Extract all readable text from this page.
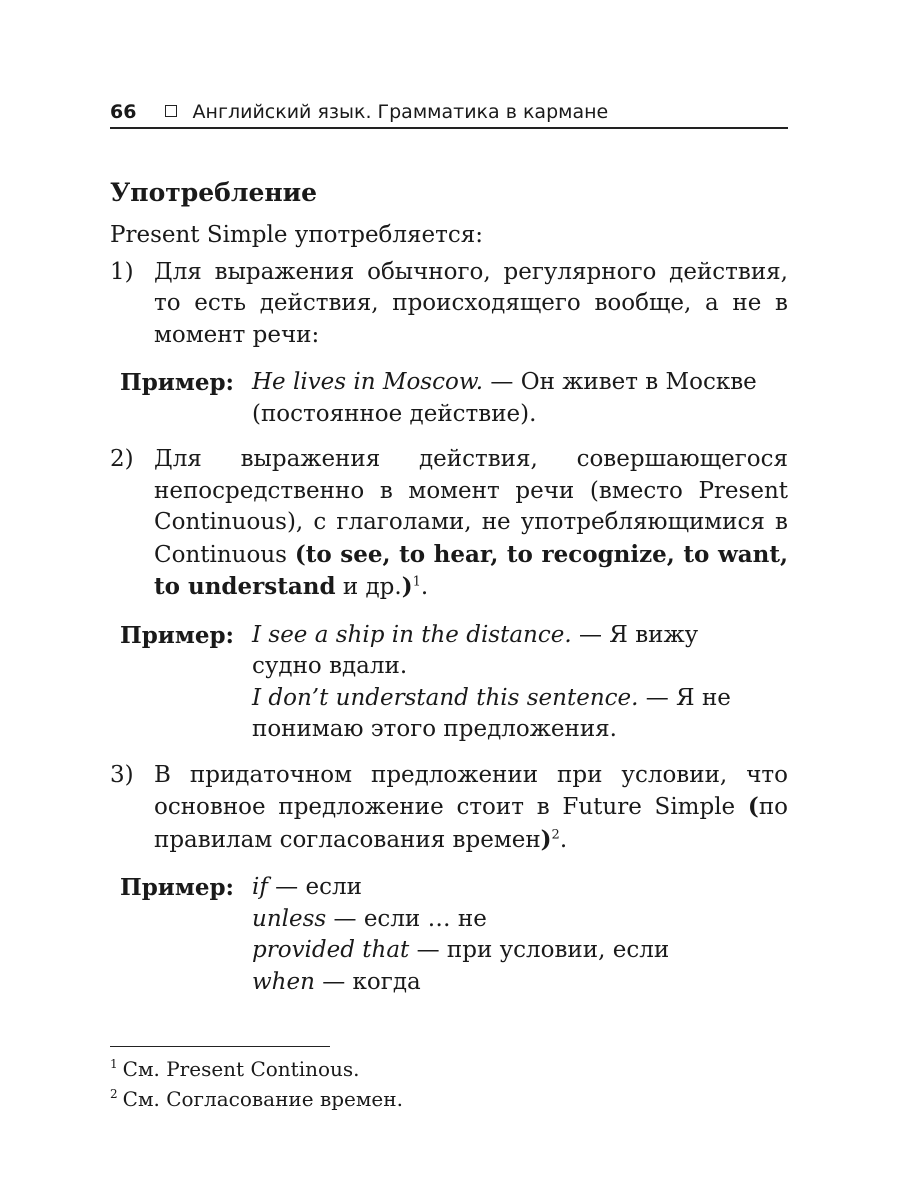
66	Английский язык. Грамматика в кармане
Употребление
Present Simple употребляется:
1) Для выражения обычного, регулярного действия, то есть действия, происходящего вообще, а не в момент речи:
Пример: He lives in Moscow. — Он живет в Москве
(постоянное действие).
2) Для выражения действия, совершающегося непосредственно в момент речи (вместо Present Continuous), с глаголами, не употребляющимися в Continuous (to see, to hear, to recognize, to want, to understand и др.)$^1$.
Пример: I see a ship in the distance. — Я вижу
судно вдали.
I don’t understand this sentence. — Я не
понимаю этого предложения.
3) В придаточном предложении при условии, что основное предложение стоит в Future Simple (по правилам согласования времен)$^2$.
Пример: if — если
unless — если … не
provided that — при условии, если
when — когда
$^1$ См. Present Continous.
$^2$ См. Согласование времен.
